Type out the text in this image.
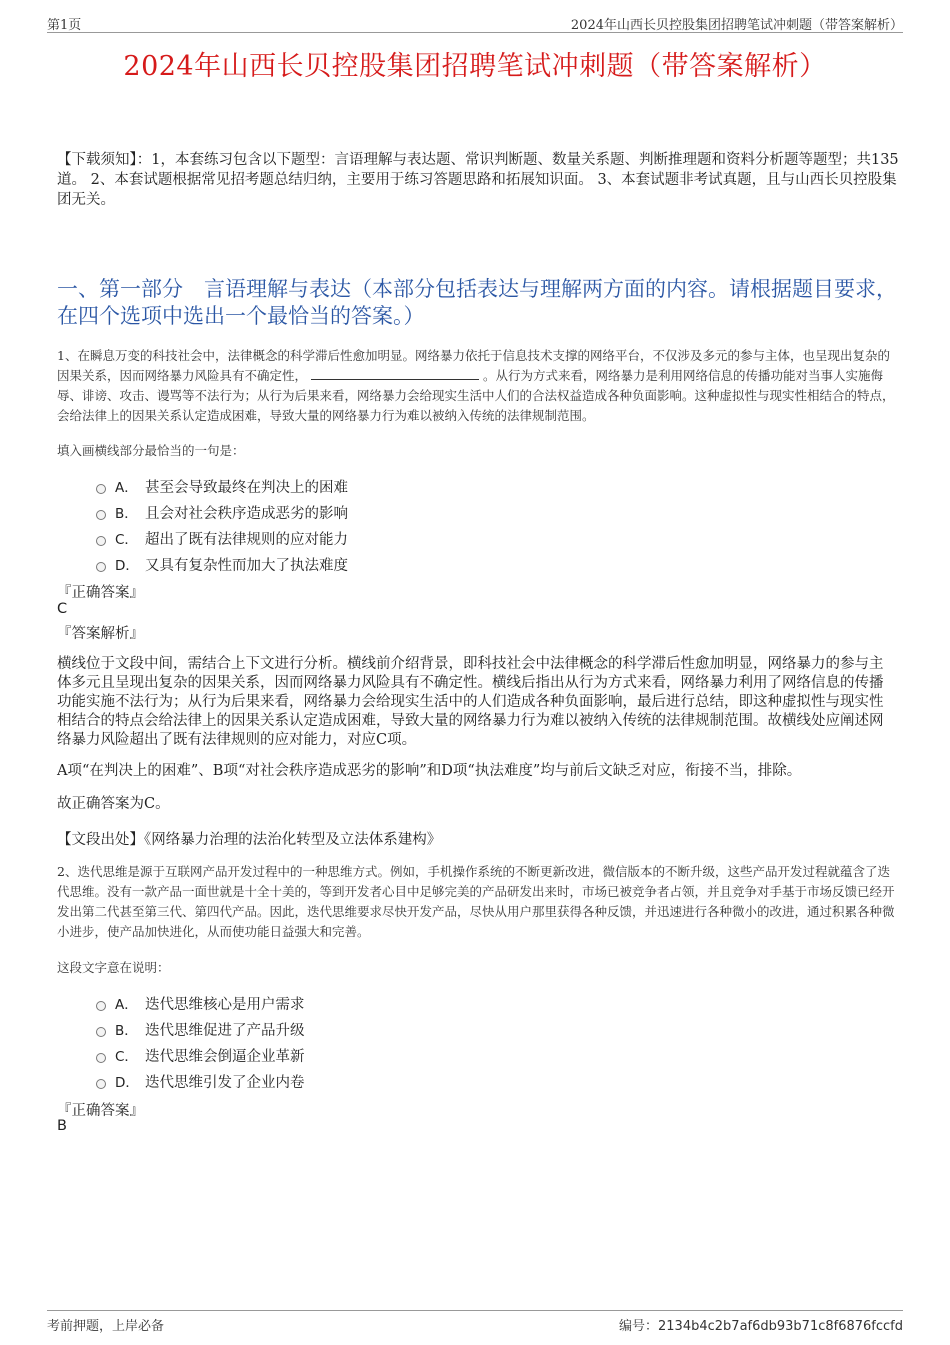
第1页	2024年山西长贝控股集团招聘笔试冲刺题（带答案解析）
2024年山西长贝控股集团招聘笔试冲刺题（带答案解析）
【下载须知】：1，本套练习包含以下题型：言语理解与表达题、常识判断题、数量关系题、判断推理题和资料分析题等题型；共135道。 2、本套试题根据常见招考题总结归纳，主要用于练习答题思路和拓展知识面。 3、本套试题非考试真题，且与山西长贝控股集团无关。
一、第一部分　言语理解与表达（本部分包括表达与理解两方面的内容。请根据题目要求，在四个选项中选出一个最恰当的答案。）
1、在瞬息万变的科技社会中，法律概念的科学滞后性愈加明显。网络暴力依托于信息技术支撑的网络平台，不仅涉及多元的参与主体，也呈现出复杂的因果关系，因而网络暴力风险具有不确定性，	。从行为方式来看，网络暴力是利用网络信息的传播功能对当事人实施侮辱、诽谤、攻击、谩骂等不法行为；从行为后果来看，网络暴力会给现实生活中人们的合法权益造成各种负面影响。这种虚拟性与现实性相结合的特点，会给法律上的因果关系认定造成困难，导致大量的网络暴力行为难以被纳入传统的法律规制范围。
填入画横线部分最恰当的一句是：
A． 甚至会导致最终在判决上的困难
B． 且会对社会秩序造成恶劣的影响
C． 超出了既有法律规则的应对能力
D． 又具有复杂性而加大了执法难度
『正确答案』
C
『答案解析』
横线位于文段中间，需结合上下文进行分析。横线前介绍背景，即科技社会中法律概念的科学滞后性愈加明显，网络暴力的参与主体多元且呈现出复杂的因果关系，因而网络暴力风险具有不确定性。横线后指出从行为方式来看，网络暴力利用了网络信息的传播功能实施不法行为；从行为后果来看，网络暴力会给现实生活中的人们造成各种负面影响，最后进行总结，即这种虚拟性与现实性相结合的特点会给法律上的因果关系认定造成困难，导致大量的网络暴力行为难以被纳入传统的法律规制范围。故横线处应阐述网络暴力风险超出了既有法律规则的应对能力，对应C项。
A项“在判决上的困难”、B项“对社会秩序造成恶劣的影响”和D项“执法难度”均与前后文缺乏对应，衔接不当，排除。
故正确答案为C。
【文段出处】《网络暴力治理的法治化转型及立法体系建构》
2、迭代思维是源于互联网产品开发过程中的一种思维方式。例如，手机操作系统的不断更新改进，微信版本的不断升级，这些产品开发过程就蕴含了迭代思维。没有一款产品一面世就是十全十美的，等到开发者心目中足够完美的产品研发出来时，市场已被竞争者占领，并且竞争对手基于市场反馈已经开发出第二代甚至第三代、第四代产品。因此，迭代思维要求尽快开发产品，尽快从用户那里获得各种反馈，并迅速进行各种微小的改进，通过积累各种微小进步，使产品加快进化，从而使功能日益强大和完善。
这段文字意在说明：
A． 迭代思维核心是用户需求
B． 迭代思维促进了产品升级
C． 迭代思维会倒逼企业革新
D． 迭代思维引发了企业内卷
『正确答案』
B
考前押题，上岸必备	编号：2134b4c2b7af6db93b71c8f6876fccfd
